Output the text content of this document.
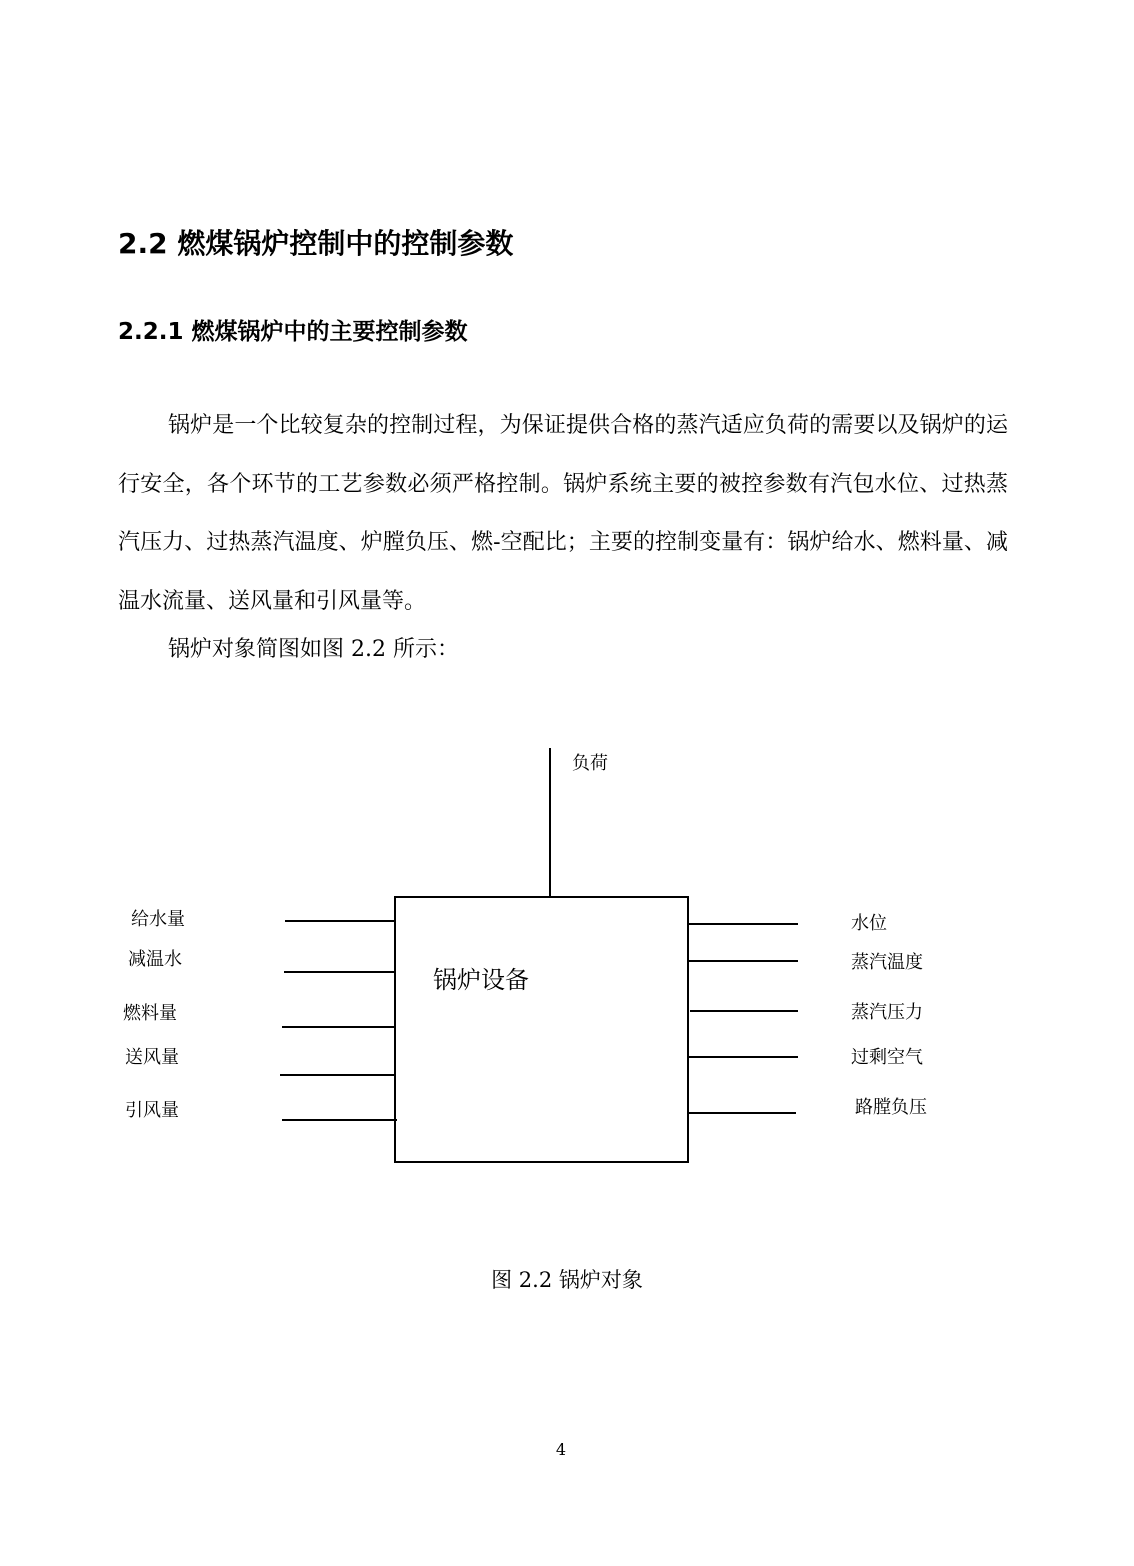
2.2 燃煤锅炉控制中的控制参数
2.2.1 燃煤锅炉中的主要控制参数

锅炉是一个比较复杂的控制过程，为保证提供合格的蒸汽适应负荷的需要以及锅炉的运行安全，各个环节的工艺参数必须严格控制。锅炉系统主要的被控参数有汽包水位、过热蒸汽压力、过热蒸汽温度、炉膛负压、燃-空配比；主要的控制变量有：锅炉给水、燃料量、减温水流量、送风量和引风量等。

锅炉对象简图如图 2.2 所示：

负荷
锅炉设备
给水量
减温水
燃料量
送风量
引风量
水位
蒸汽温度
蒸汽压力
过剩空气
路膛负压

图 2.2 锅炉对象

4
